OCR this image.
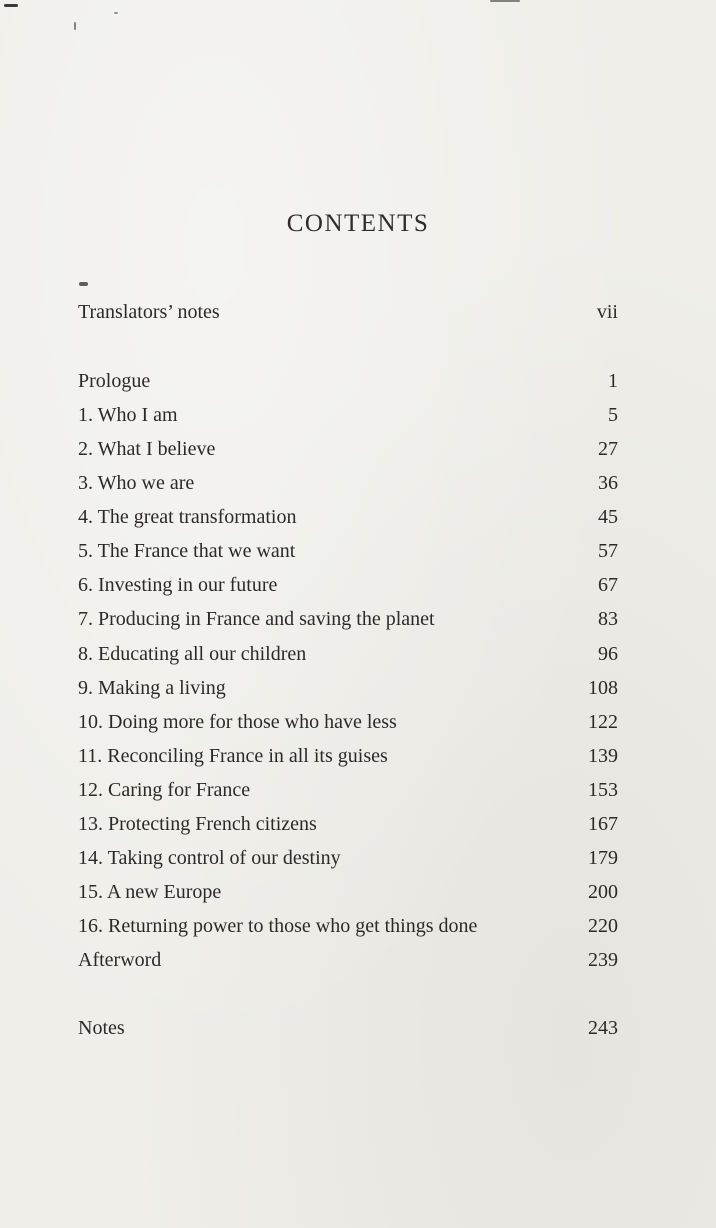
CONTENTS
Translators’ notes	vii
Prologue	1
1. Who I am	5
2. What I believe	27
3. Who we are	36
4. The great transformation	45
5. The France that we want	57
6. Investing in our future	67
7. Producing in France and saving the planet	83
8. Educating all our children	96
9. Making a living	108
10. Doing more for those who have less	122
11. Reconciling France in all its guises	139
12. Caring for France	153
13. Protecting French citizens	167
14. Taking control of our destiny	179
15. A new Europe	200
16. Returning power to those who get things done	220
Afterword	239
Notes	243
